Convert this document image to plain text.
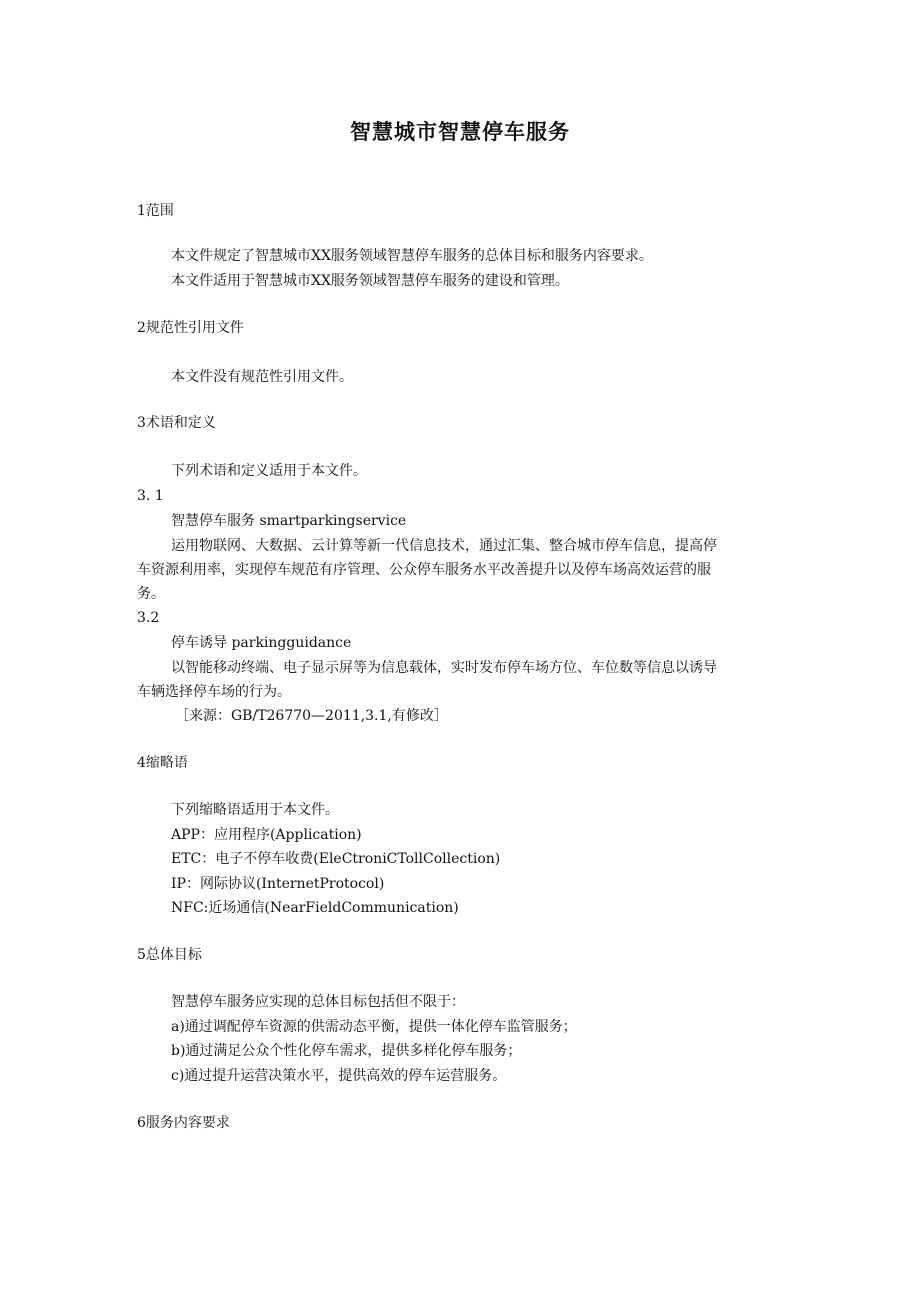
智慧城市智慧停车服务
1范围
本文件规定了智慧城市XX服务领域智慧停车服务的总体目标和服务内容要求。
本文件适用于智慧城市XX服务领域智慧停车服务的建设和管理。
2规范性引用文件
本文件没有规范性引用文件。
3术语和定义
下列术语和定义适用于本文件。
3. 1
智慧停车服务 smartparkingservice
运用物联网、大数据、云计算等新一代信息技术，通过汇集、整合城市停车信息，提高停
车资源利用率，实现停车规范有序管理、公众停车服务水平改善提升以及停车场高效运营的服
务。
3.2
停车诱导 parkingguidance
以智能移动终端、电子显示屏等为信息载体，实时发布停车场方位、车位数等信息以诱导
车辆选择停车场的行为。
［来源：GB/T26770—2011,3.1,有修改］
4缩略语
下列缩略语适用于本文件。
APP：应用程序(Application)
ETC：电子不停车收费(EleCtroniCTollCollection)
IP：网际协议(InternetProtocol)
NFC:近场通信(NearFieldCommunication)
5总体目标
智慧停车服务应实现的总体目标包括但不限于：
a)通过调配停车资源的供需动态平衡，提供一体化停车监管服务；
b)通过满足公众个性化停车需求，提供多样化停车服务；
c)通过提升运营决策水平，提供高效的停车运营服务。
6服务内容要求
